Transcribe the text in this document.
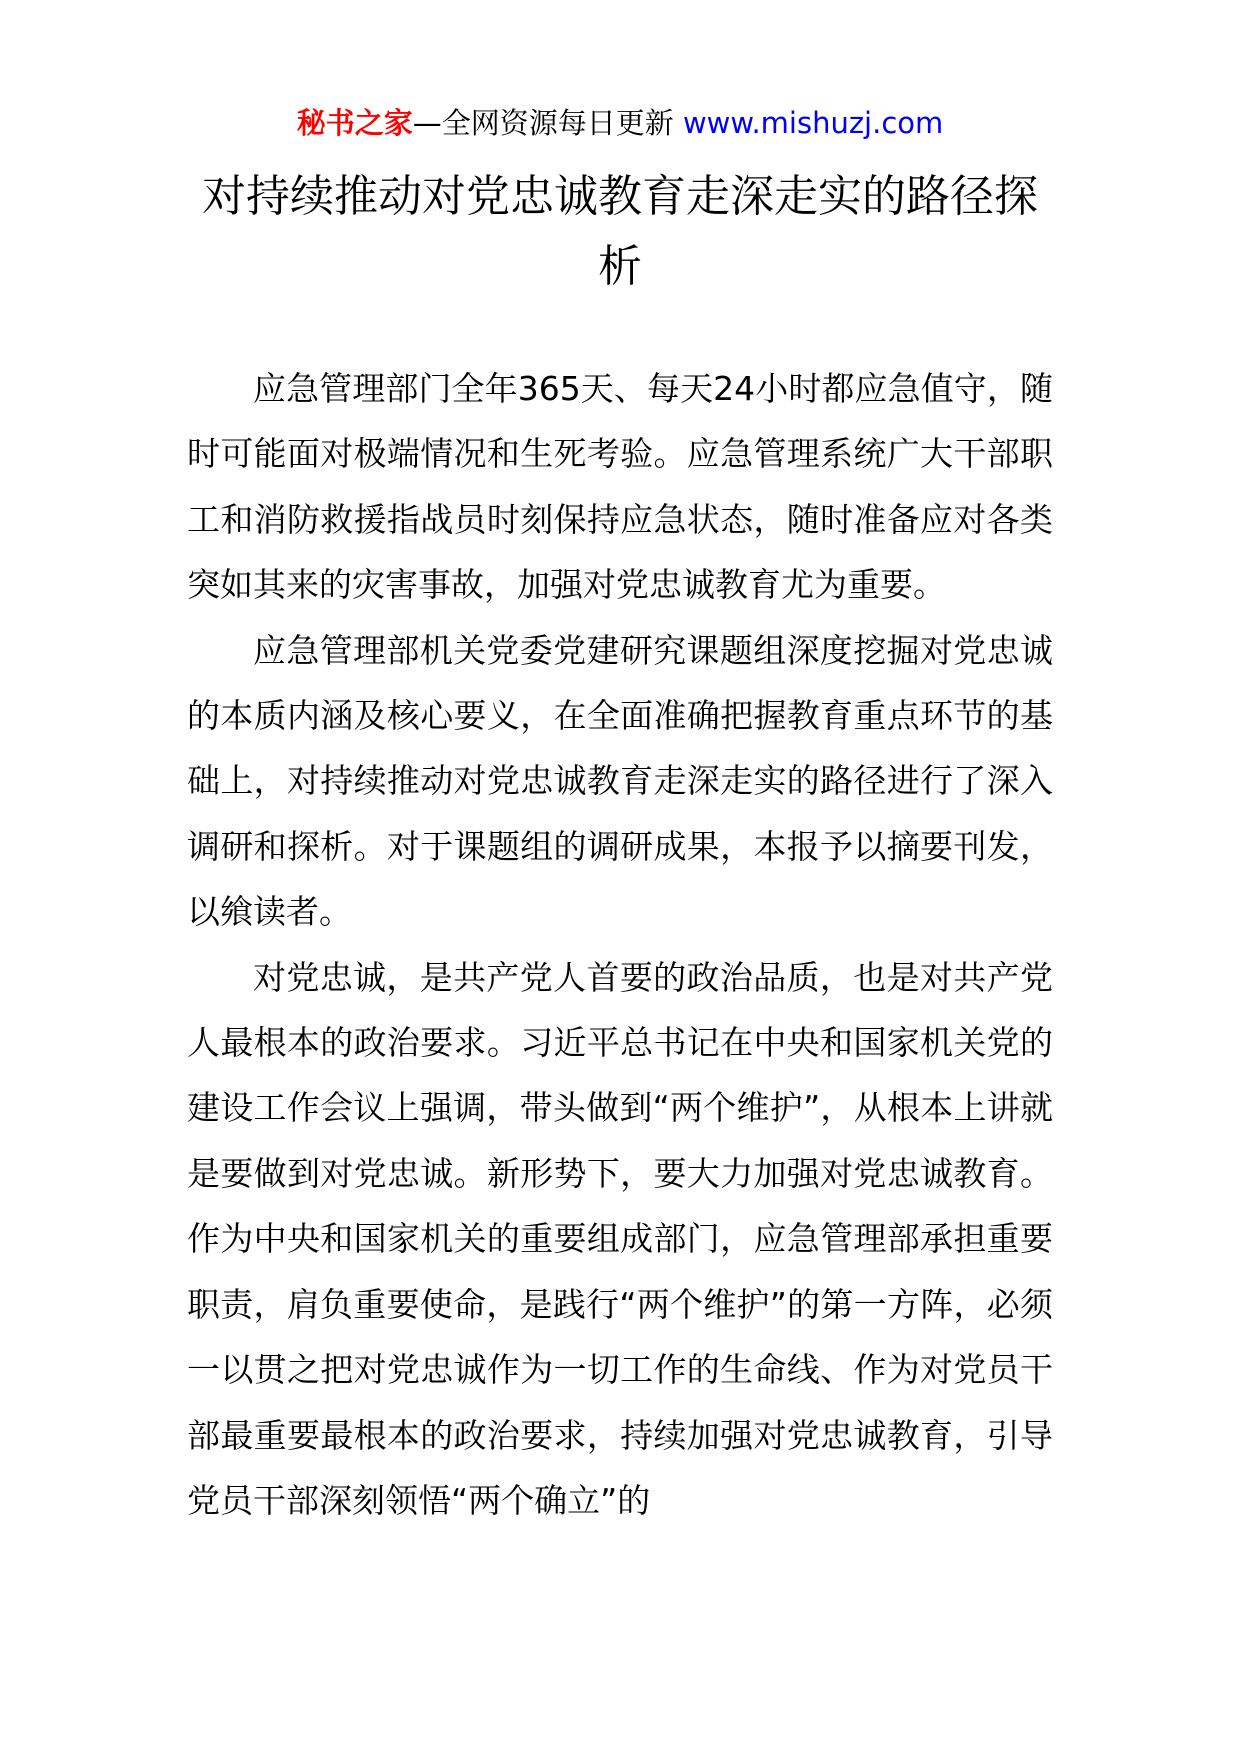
秘书之家—全网资源每日更新 www.mishuzj.com
对持续推动对党忠诚教育走深走实的路径探析

应急管理部门全年365天、每天24小时都应急值守，随时可能面对极端情况和生死考验。应急管理系统广大干部职工和消防救援指战员时刻保持应急状态，随时准备应对各类突如其来的灾害事故，加强对党忠诚教育尤为重要。

应急管理部机关党委党建研究课题组深度挖掘对党忠诚的本质内涵及核心要义，在全面准确把握教育重点环节的基础上，对持续推动对党忠诚教育走深走实的路径进行了深入调研和探析。对于课题组的调研成果，本报予以摘要刊发，以飨读者。

对党忠诚，是共产党人首要的政治品质，也是对共产党人最根本的政治要求。习近平总书记在中央和国家机关党的建设工作会议上强调，带头做到“两个维护”，从根本上讲就是要做到对党忠诚。新形势下，要大力加强对党忠诚教育。作为中央和国家机关的重要组成部门，应急管理部承担重要职责，肩负重要使命，是践行“两个维护”的第一方阵，必须一以贯之把对党忠诚作为一切工作的生命线、作为对党员干部最重要最根本的政治要求，持续加强对党忠诚教育，引导党员干部深刻领悟“两个确立”的
